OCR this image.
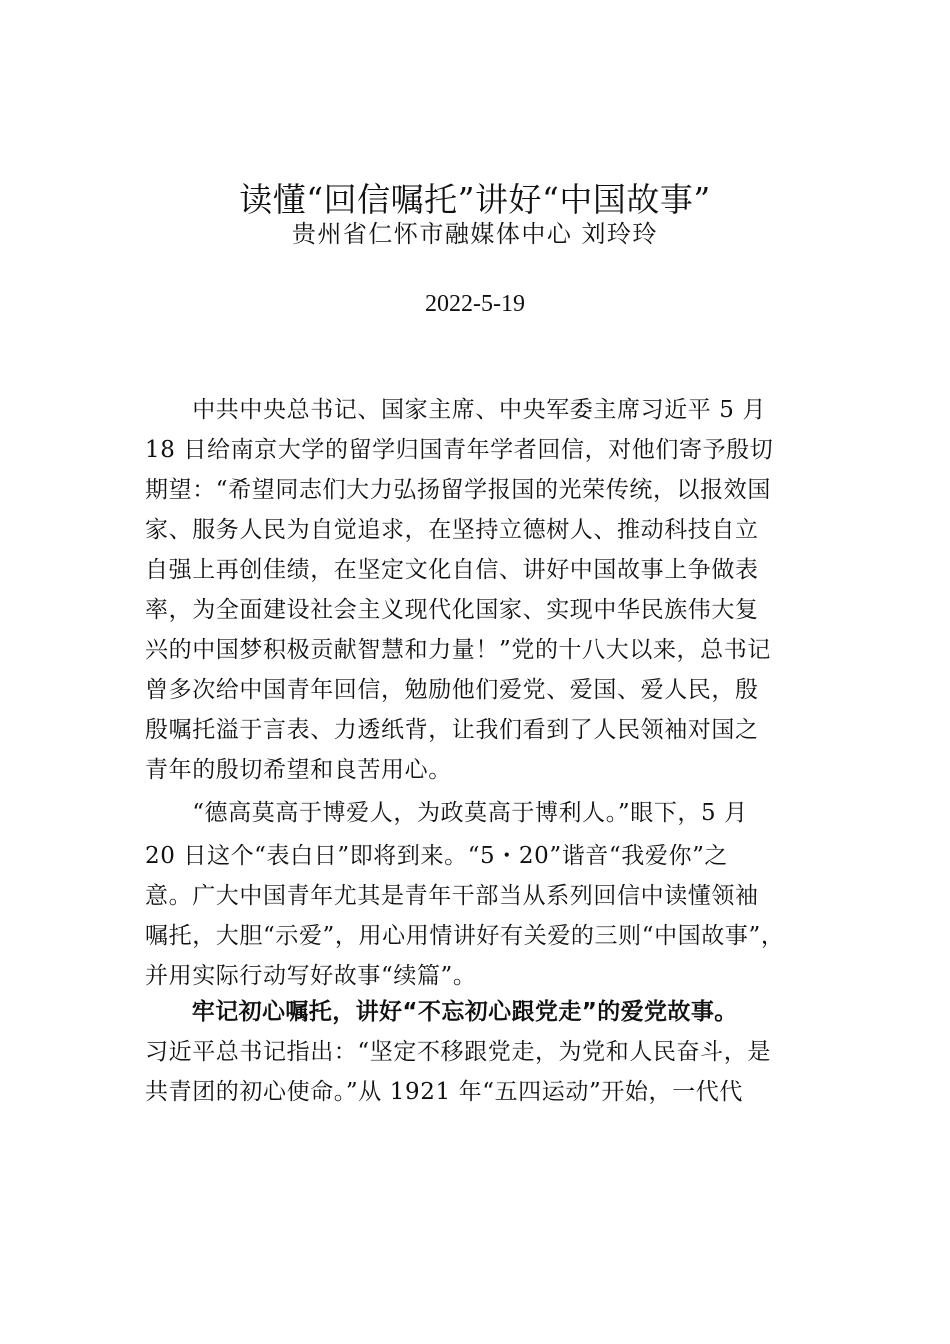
读懂“回信嘱托”讲好“中国故事”
贵州省仁怀市融媒体中心 刘玲玲
2022-5-19
　　中共中央总书记、国家主席、中央军委主席习近平 5 月
18 日给南京大学的留学归国青年学者回信，对他们寄予殷切
期望：“希望同志们大力弘扬留学报国的光荣传统，以报效国
家、服务人民为自觉追求，在坚持立德树人、推动科技自立
自强上再创佳绩，在坚定文化自信、讲好中国故事上争做表
率，为全面建设社会主义现代化国家、实现中华民族伟大复
兴的中国梦积极贡献智慧和力量！”党的十八大以来，总书记
曾多次给中国青年回信，勉励他们爱党、爱国、爱人民，殷
殷嘱托溢于言表、力透纸背，让我们看到了人民领袖对国之
青年的殷切希望和良苦用心。
　　“德高莫高于博爱人，为政莫高于博利人。”眼下，5 月
20 日这个“表白日”即将到来。“5・20”谐音“我爱你”之
意。广大中国青年尤其是青年干部当从系列回信中读懂领袖
嘱托，大胆“示爱”，用心用情讲好有关爱的三则“中国故事”，
并用实际行动写好故事“续篇”。
　　牢记初心嘱托，讲好“不忘初心跟党走”的爱党故事。
习近平总书记指出：“坚定不移跟党走，为党和人民奋斗，是
共青团的初心使命。”从 1921 年“五四运动”开始，一代代
